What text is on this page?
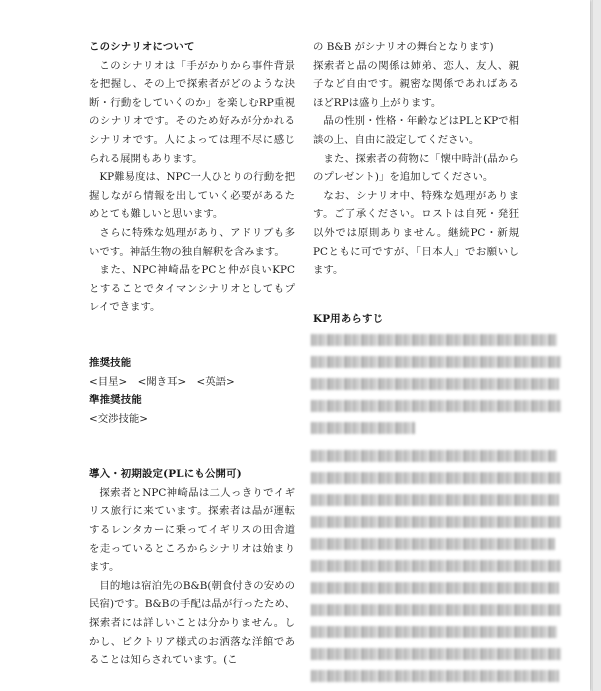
このシナリオについて

このシナリオは「手がかりから事件背景を把握し、その上で探索者がどのような決断・行動をしていくのか」を楽しむRP重視のシナリオです。そのため好みが分かれるシナリオです。人によっては理不尽に感じられる展開もあります。

KP難易度は、NPC一人ひとりの行動を把握しながら情報を出していく必要があるためとても難しいと思います。

さらに特殊な処理があり、アドリブも多いです。神話生物の独自解釈を含みます。

また、NPC神崎晶をPCと仲が良いKPCとすることでタイマンシナリオとしてもプレイできます。

推奨技能
<目星>　<聞き耳>　<英語>
準推奨技能
<交渉技能>
導入・初期設定(PLにも公開可)

探索者とNPC神崎晶は二人っきりでイギリス旅行に来ています。探索者は晶が運転するレンタカーに乗ってイギリスの田舎道を走っているところからシナリオは始まります。

目的地は宿泊先のB&B(朝食付きの安めの民宿)です。B&Bの手配は晶が行ったため、探索者には詳しいことは分かりません。しかし、ビクトリア様式のお洒落な洋館であることは知らされています。(こ

の B&B がシナリオの舞台となります)

探索者と晶の関係は姉弟、恋人、友人、親子など自由です。親密な関係であればあるほどRPは盛り上がります。

晶の性別・性格・年齢などはPLとKPで相談の上、自由に設定してください。

また、探索者の荷物に「懐中時計(晶からのプレゼント)」を追加してください。

なお、シナリオ中、特殊な処理があります。ご了承ください。ロストは自死・発狂以外では原則ありません。継続PC・新規PCともに可ですが、「日本人」でお願いします。

KP用あらすじ
